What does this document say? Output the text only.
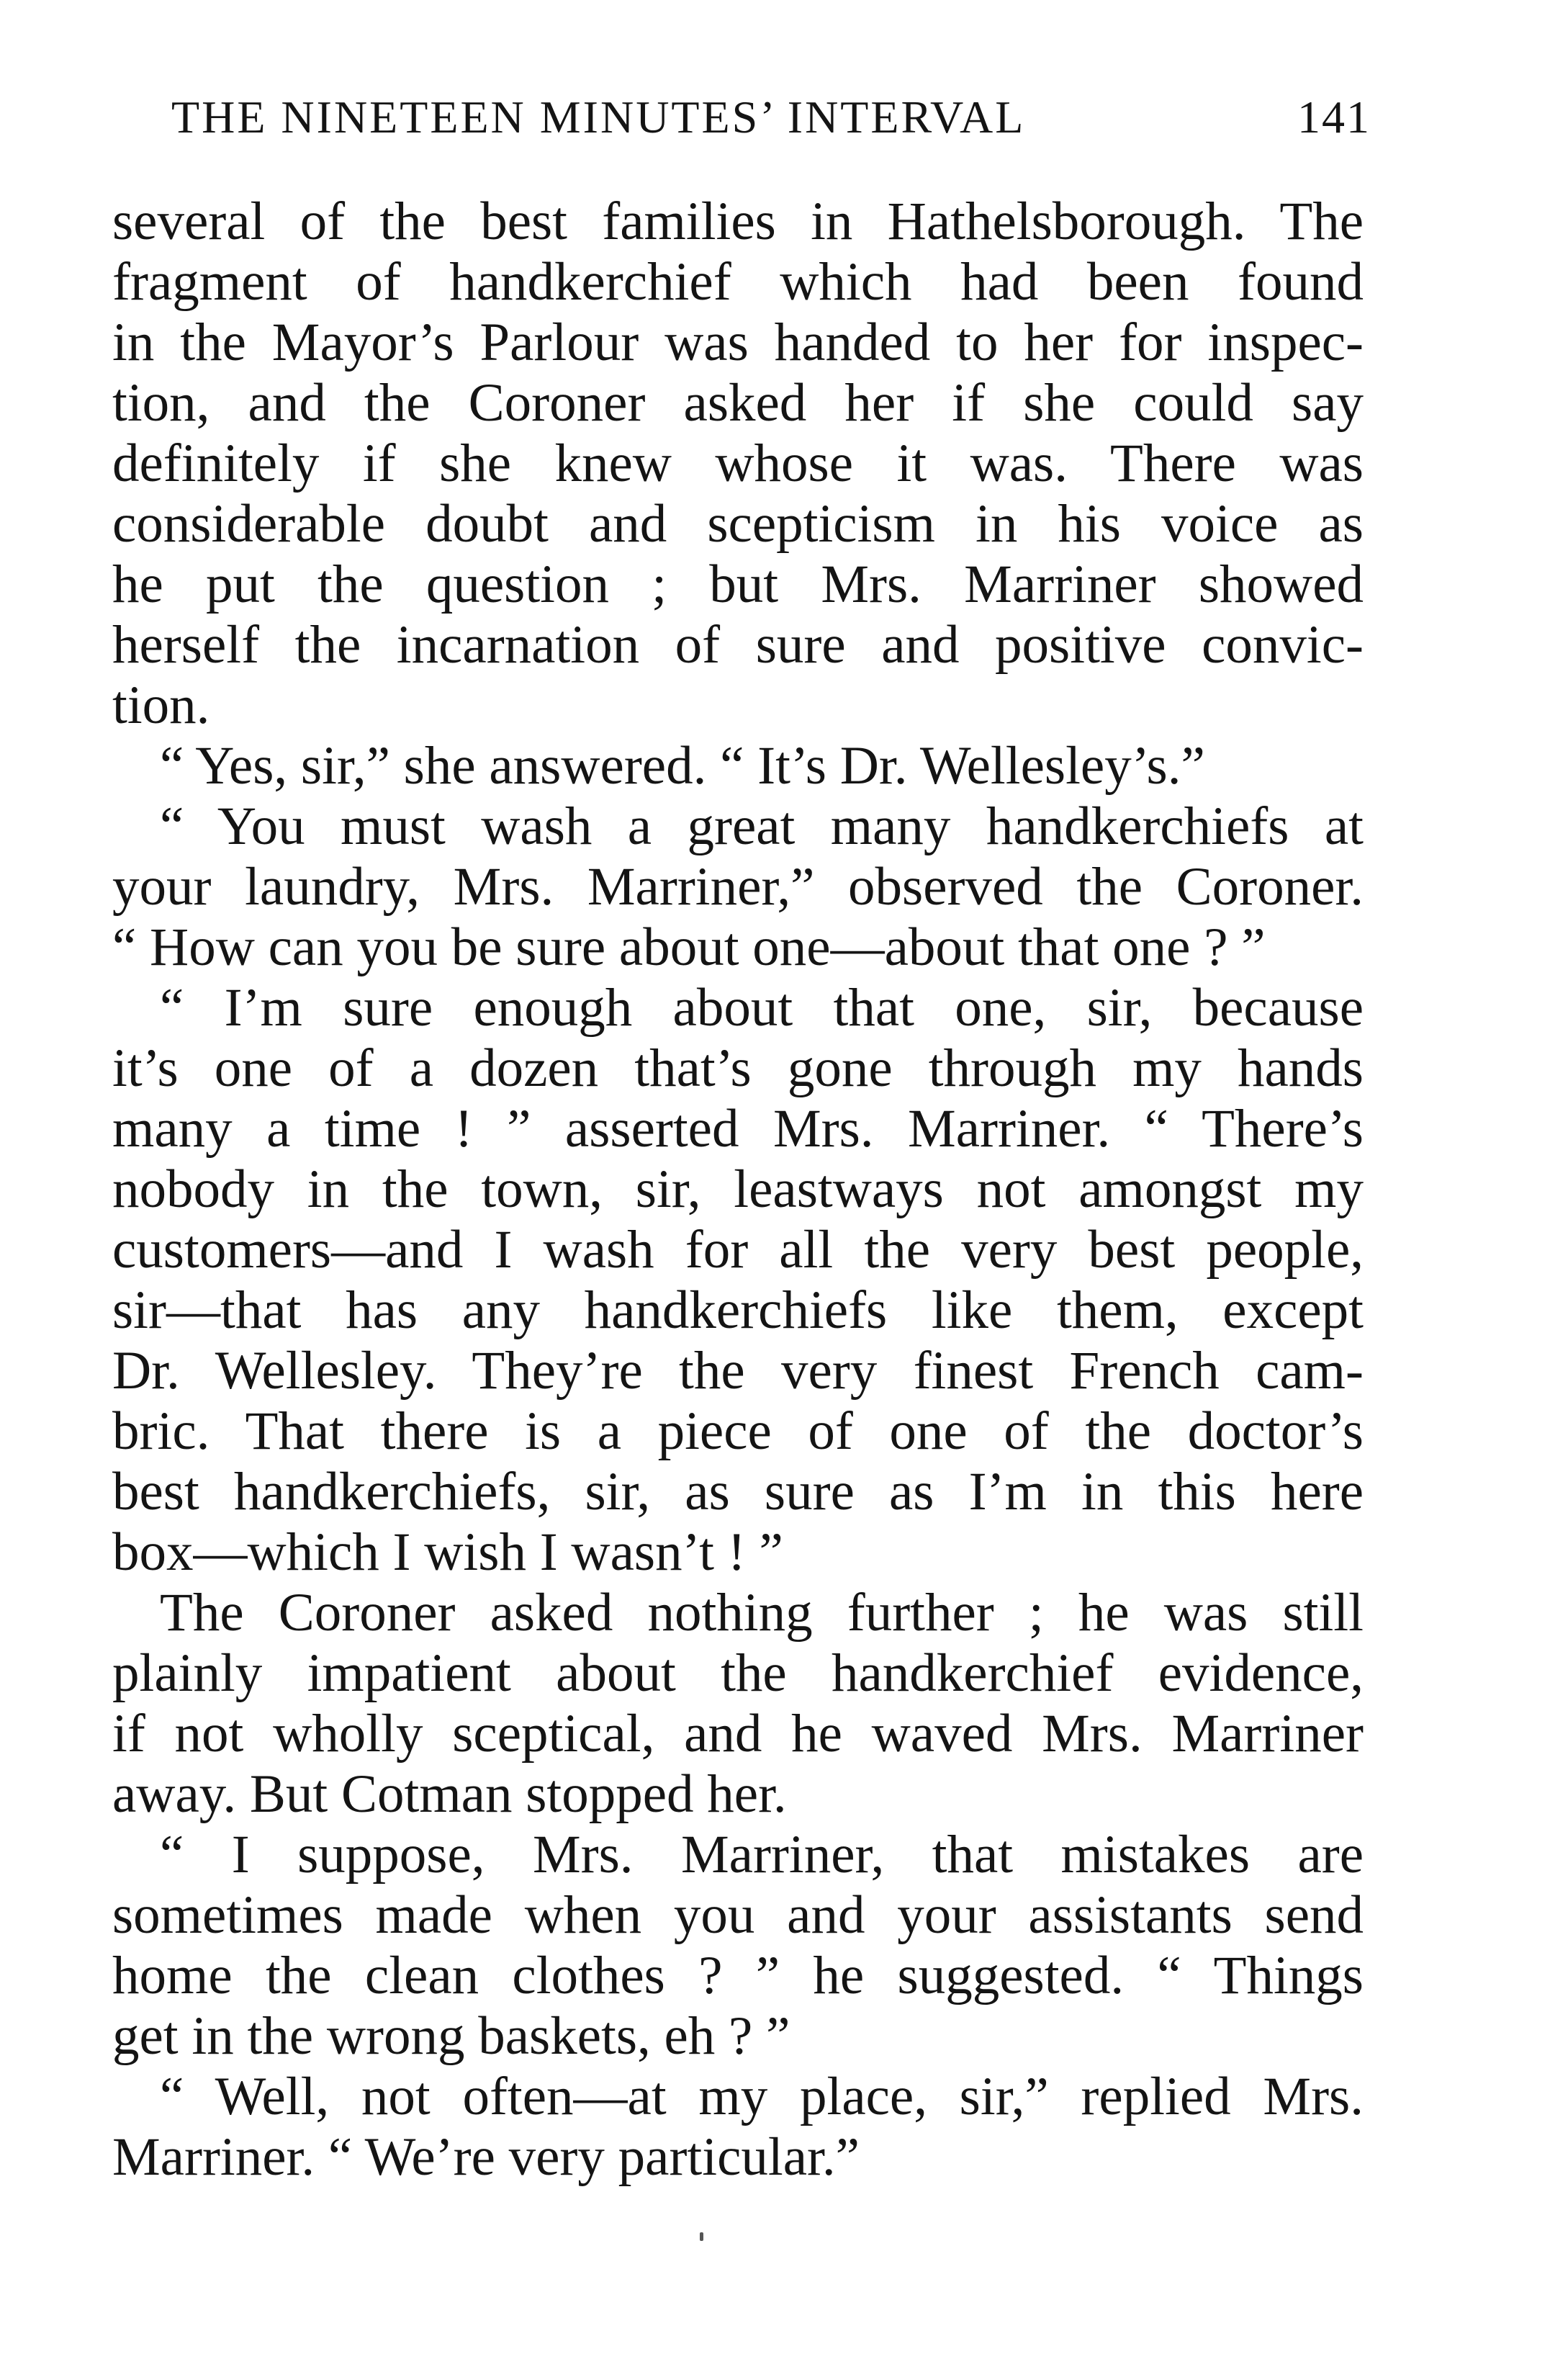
THE NINETEEN MINUTES’ INTERVAL	141
several of the best families in Hathelsborough. The
fragment of handkerchief which had been found
in the Mayor’s Parlour was handed to her for inspec-
tion, and the Coroner asked her if she could say
definitely if she knew whose it was. There was
considerable doubt and scepticism in his voice as
he put the question ; but Mrs. Marriner showed
herself the incarnation of sure and positive convic-
tion.
“ Yes, sir,” she answered. “ It’s Dr. Wellesley’s.”
“ You must wash a great many handkerchiefs at
your laundry, Mrs. Marriner,” observed the Coroner.
“ How can you be sure about one—about that one ? ”
“ I’m sure enough about that one, sir, because
it’s one of a dozen that’s gone through my hands
many a time ! ” asserted Mrs. Marriner. “ There’s
nobody in the town, sir, leastways not amongst my
customers—and I wash for all the very best people,
sir—that has any handkerchiefs like them, except
Dr. Wellesley. They’re the very finest French cam-
bric. That there is a piece of one of the doctor’s
best handkerchiefs, sir, as sure as I’m in this here
box—which I wish I wasn’t ! ”
The Coroner asked nothing further ; he was still
plainly impatient about the handkerchief evidence,
if not wholly sceptical, and he waved Mrs. Marriner
away. But Cotman stopped her.
“ I suppose, Mrs. Marriner, that mistakes are
sometimes made when you and your assistants send
home the clean clothes ? ” he suggested. “ Things
get in the wrong baskets, eh ? ”
“ Well, not often—at my place, sir,” replied Mrs.
Marriner. “ We’re very particular.”
